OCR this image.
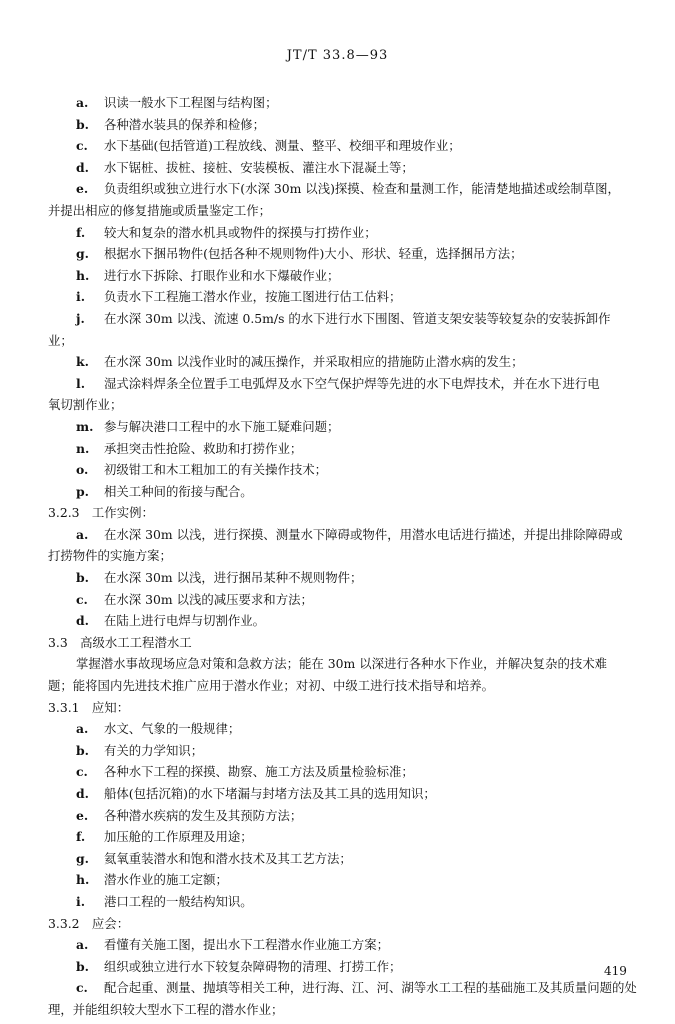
JT/T 33.8—93
a. 识读一般水下工程图与结构图；
b. 各种潜水装具的保养和检修；
c. 水下基础(包括管道)工程放线、测量、整平、校细平和理坡作业；
d. 水下锯桩、拔桩、接桩、安装模板、灌注水下混凝土等；
e. 负责组织或独立进行水下(水深 30m 以浅)探摸、检查和量测工作，能清楚地描述或绘制草图，
并提出相应的修复措施或质量鉴定工作；
f. 较大和复杂的潜水机具或物件的探摸与打捞作业；
g. 根据水下捆吊物件(包括各种不规则物件)大小、形状、轻重，选择捆吊方法；
h. 进行水下拆除、打眼作业和水下爆破作业；
i. 负责水下工程施工潜水作业，按施工图进行估工估料；
j. 在水深 30m 以浅、流速 0.5m/s 的水下进行水下围图、管道支架安装等较复杂的安装拆卸作
业；
k. 在水深 30m 以浅作业时的减压操作，并采取相应的措施防止潜水病的发生；
l. 湿式涂料焊条全位置手工电弧焊及水下空气保护焊等先进的水下电焊技术，并在水下进行电
氧切割作业；
m. 参与解决港口工程中的水下施工疑难问题；
n. 承担突击性抢险、救助和打捞作业；
o. 初级钳工和木工粗加工的有关操作技术；
p. 相关工种间的衔接与配合。
3.2.3　工作实例：
a. 在水深 30m 以浅，进行探摸、测量水下障碍或物件，用潜水电话进行描述，并提出排除障碍或
打捞物件的实施方案；
b. 在水深 30m 以浅，进行捆吊某种不规则物件；
c. 在水深 30m 以浅的减压要求和方法；
d. 在陆上进行电焊与切割作业。
3.3　高级水工工程潜水工
掌握潜水事故现场应急对策和急救方法；能在 30m 以深进行各种水下作业，并解决复杂的技术难
题；能将国内先进技术推广应用于潜水作业；对初、中级工进行技术指导和培养。
3.3.1　应知：
a. 水文、气象的一般规律；
b. 有关的力学知识；
c. 各种水下工程的探摸、勘察、施工方法及质量检验标准；
d. 船体(包括沉箱)的水下堵漏与封堵方法及其工具的选用知识；
e. 各种潜水疾病的发生及其预防方法；
f. 加压舱的工作原理及用途；
g. 氦氧重装潜水和饱和潜水技术及其工艺方法；
h. 潜水作业的施工定额；
i. 港口工程的一般结构知识。
3.3.2　应会：
a. 看懂有关施工图，提出水下工程潜水作业施工方案；
b. 组织或独立进行水下较复杂障碍物的清理、打捞工作；
c. 配合起重、测量、抛填等相关工种，进行海、江、河、湖等水工工程的基础施工及其质量问题的处
理，并能组织较大型水下工程的潜水作业；
419
